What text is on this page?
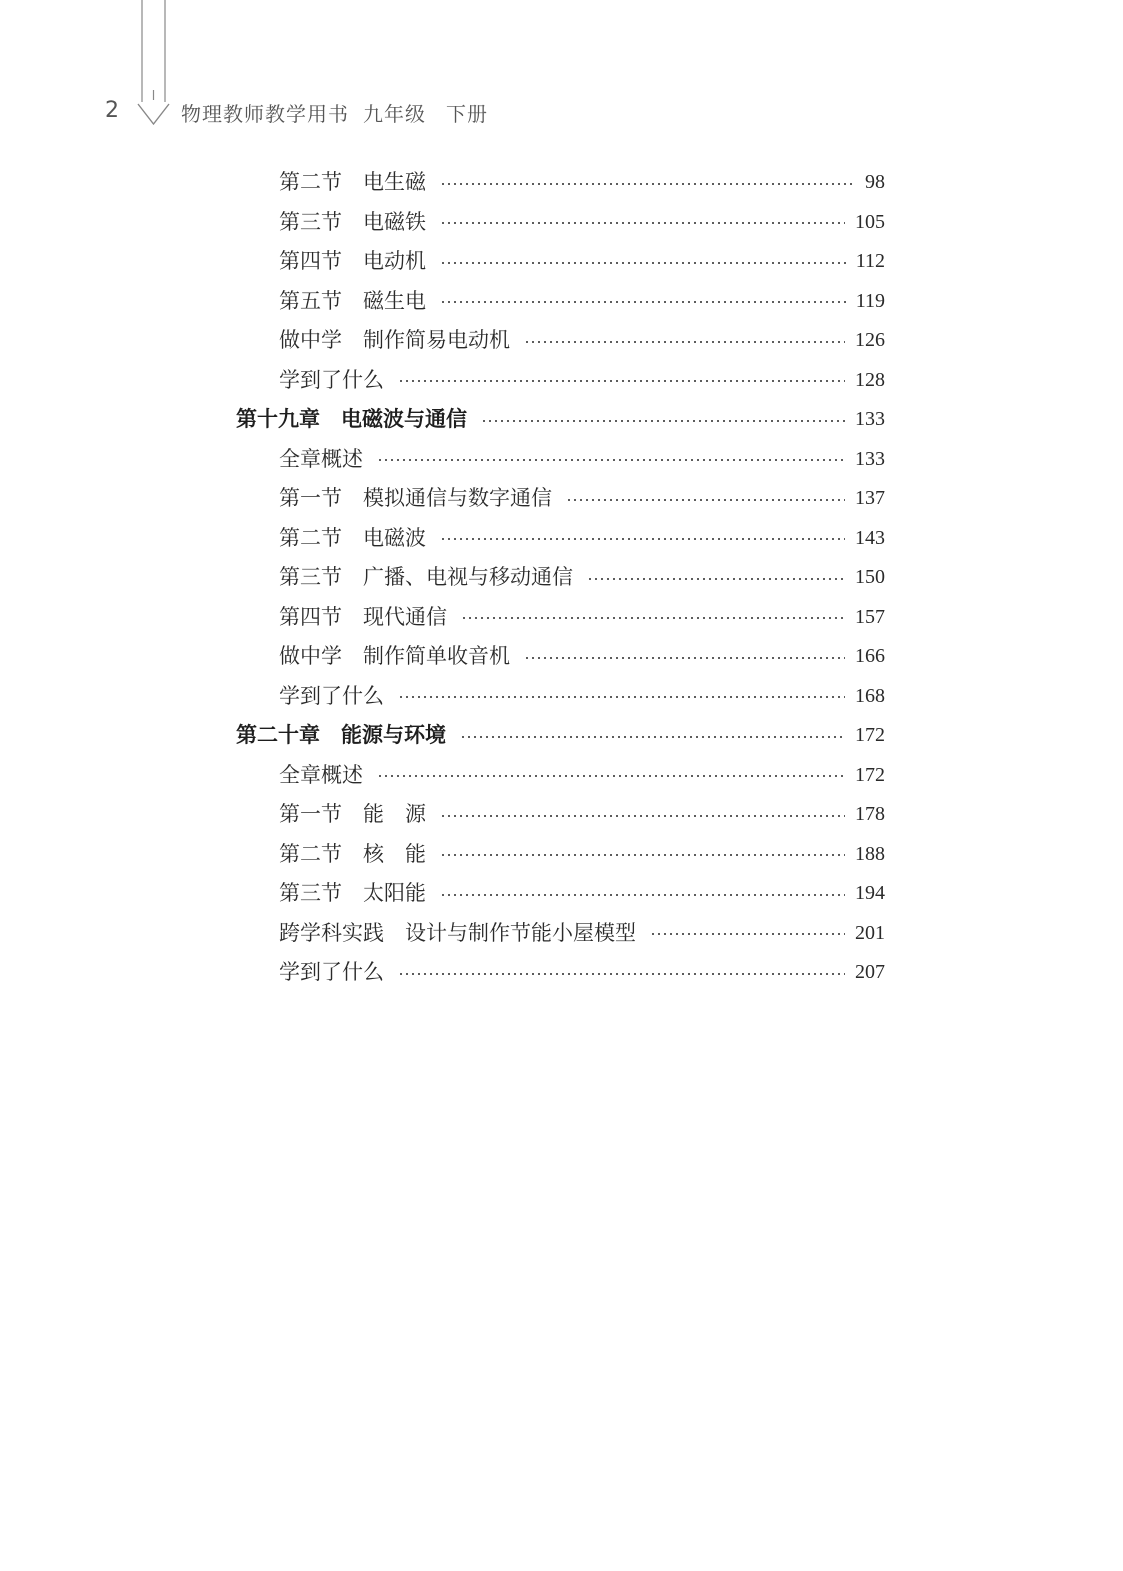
2	物理教师教学用书 九年级 下册
第二节　电生磁	98
第三节　电磁铁	105
第四节　电动机	112
第五节　磁生电	119
做中学　制作简易电动机	126
学到了什么	128
第十九章　电磁波与通信	133
全章概述	133
第一节　模拟通信与数字通信	137
第二节　电磁波	143
第三节　广播、电视与移动通信	150
第四节　现代通信	157
做中学　制作简单收音机	166
学到了什么	168
第二十章　能源与环境	172
全章概述	172
第一节　能　源	178
第二节　核　能	188
第三节　太阳能	194
跨学科实践　设计与制作节能小屋模型	201
学到了什么	207
